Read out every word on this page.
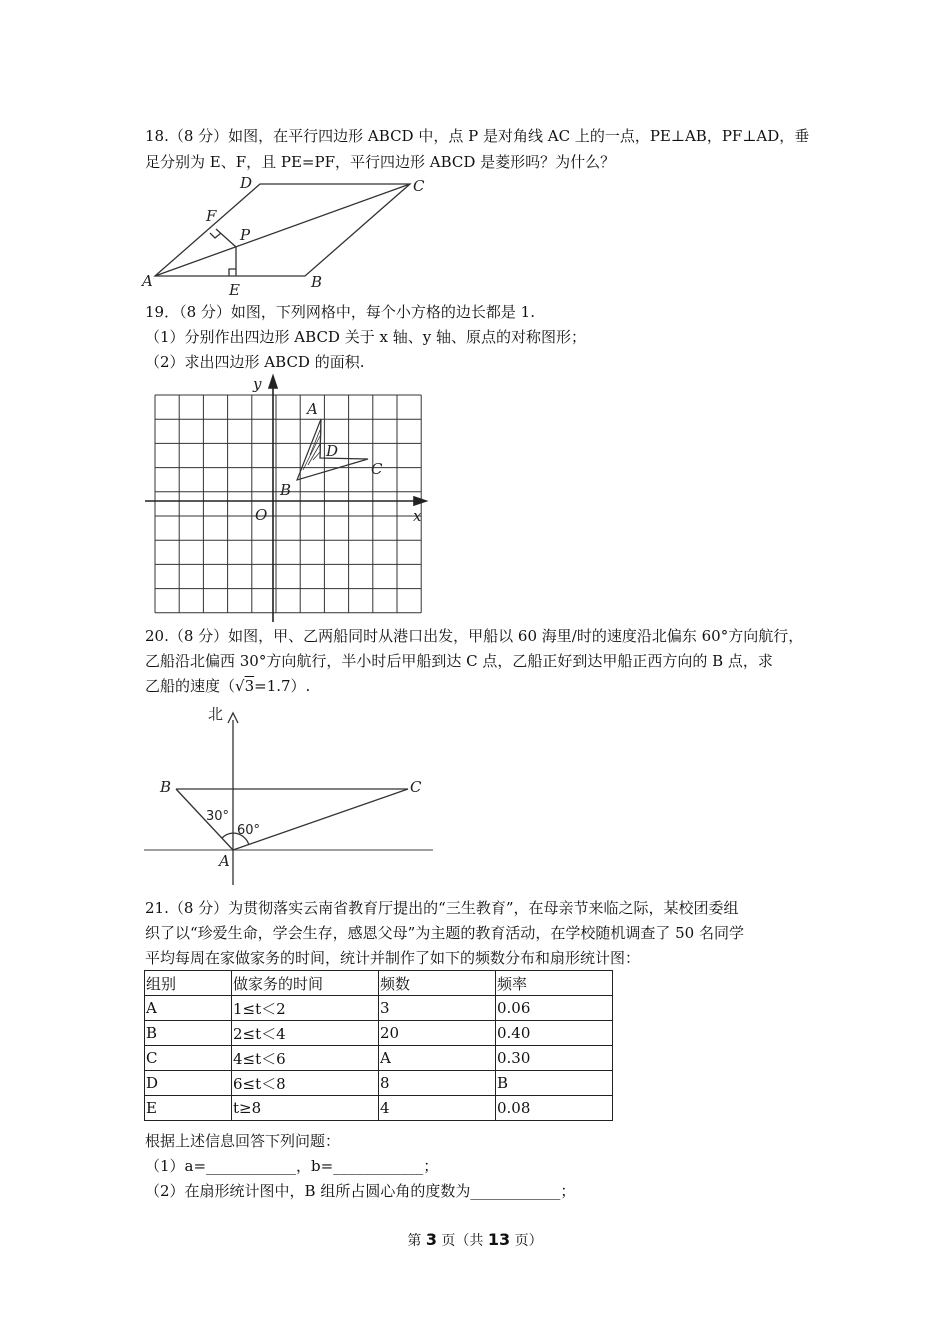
18.（8 分）如图，在平行四边形 ABCD 中，点 P 是对角线 AC 上的一点，PE⊥AB，PF⊥AD，垂
足分别为 E、F，且 PE=PF，平行四边形 ABCD 是菱形吗？为什么？
A	B
C
D
E
F
P
19．（8 分）如图，下列网格中，每个小方格的边长都是 1.
（1）分别作出四边形 ABCD 关于 x 轴、y 轴、原点的对称图形；
（2）求出四边形 ABCD 的面积.
y
x
O
A
B
C
D
20.（8 分）如图，甲、乙两船同时从港口出发，甲船以 60 海里/时的速度沿北偏东 60°方向航行，
乙船沿北偏西 30°方向航行，半小时后甲船到达 C 点，乙船正好到达甲船正西方向的 B 点，求
乙船的速度（√3=1.7）.
北
B	C
A
30°
60°
21.（8 分）为贯彻落实云南省教育厅提出的“三生教育”，在母亲节来临之际，某校团委组
织了以“珍爱生命，学会生存，感恩父母”为主题的教育活动，在学校随机调查了 50 名同学
平均每周在家做家务的时间，统计并制作了如下的频数分布和扇形统计图：
组别	做家务的时间	频数	频率
A	1≤t＜2	3	0.06
B	2≤t＜4	20	0.40
C	4≤t＜6	A	0.30
D	6≤t＜8	8	B
E	t≥8	4	0.08
根据上述信息回答下列问题：
（1）a=____________，b=____________；
（2）在扇形统计图中，B 组所占圆心角的度数为____________；
第 3 页（共 13 页）
